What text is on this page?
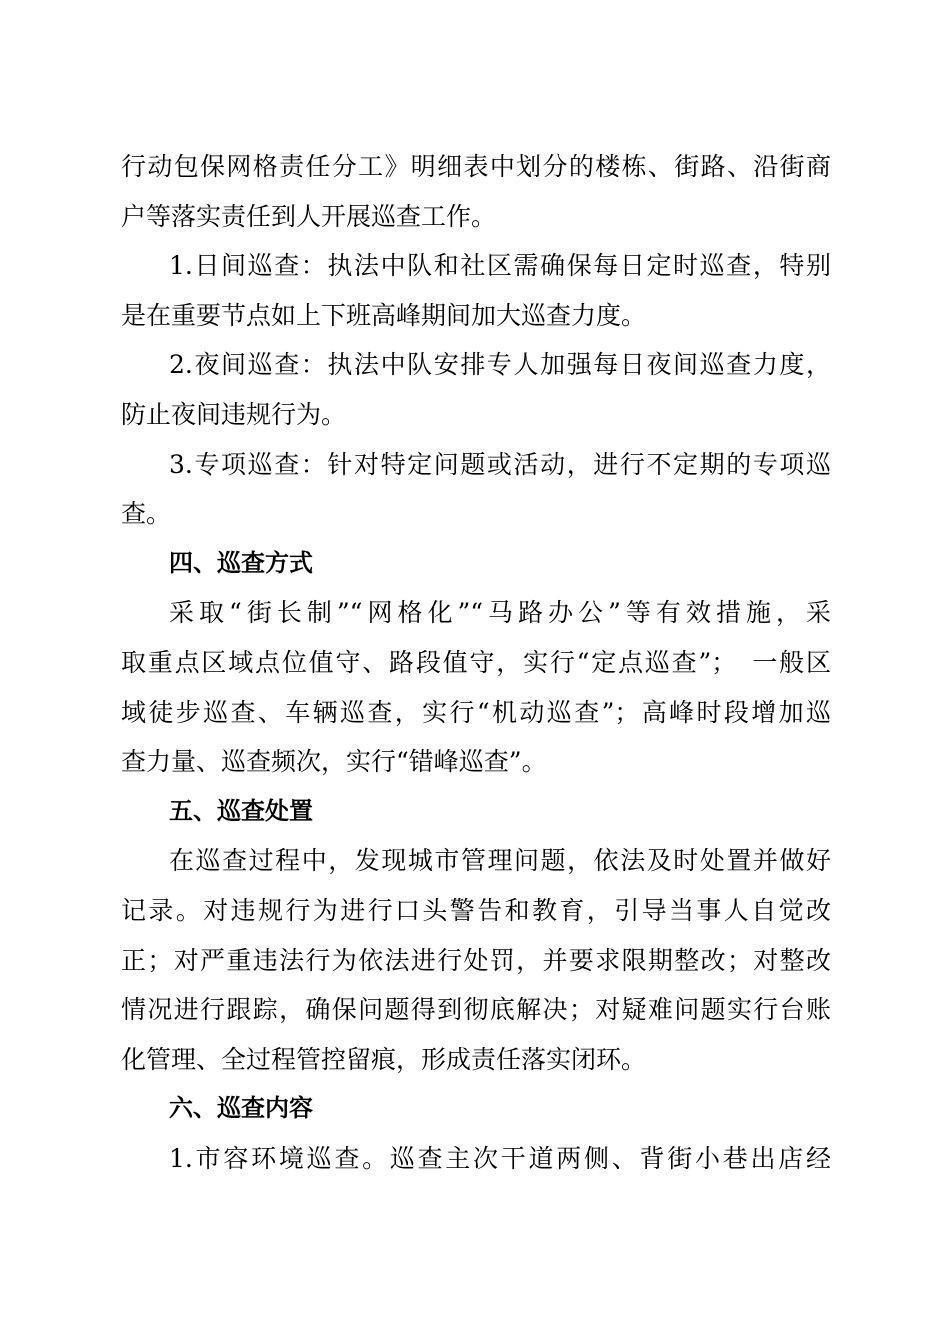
行动包保网格责任分工》明细表中划分的楼栋、街路、沿街商
户等落实责任到人开展巡查工作。
1.日间巡查：执法中队和社区需确保每日定时巡查，特别
是在重要节点如上下班高峰期间加大巡查力度。
2.夜间巡查：执法中队安排专人加强每日夜间巡查力度，
防止夜间违规行为。
3.专项巡查：针对特定问题或活动，进行不定期的专项巡
查。
四、巡查方式
采取“街长制”“网格化”“马路办公”等有效措施，采
取重点区域点位值守、路段值守，实行“定点巡查”；　一般区
域徒步巡查、车辆巡查，实行“机动巡查”；高峰时段增加巡
查力量、巡查频次，实行“错峰巡查”。
五、巡查处置
在巡查过程中，发现城市管理问题，依法及时处置并做好
记录。对违规行为进行口头警告和教育，引导当事人自觉改
正；对严重违法行为依法进行处罚，并要求限期整改；对整改
情况进行跟踪，确保问题得到彻底解决；对疑难问题实行台账
化管理、全过程管控留痕，形成责任落实闭环。
六、巡查内容
1.市容环境巡查。巡查主次干道两侧、背街小巷出店经
